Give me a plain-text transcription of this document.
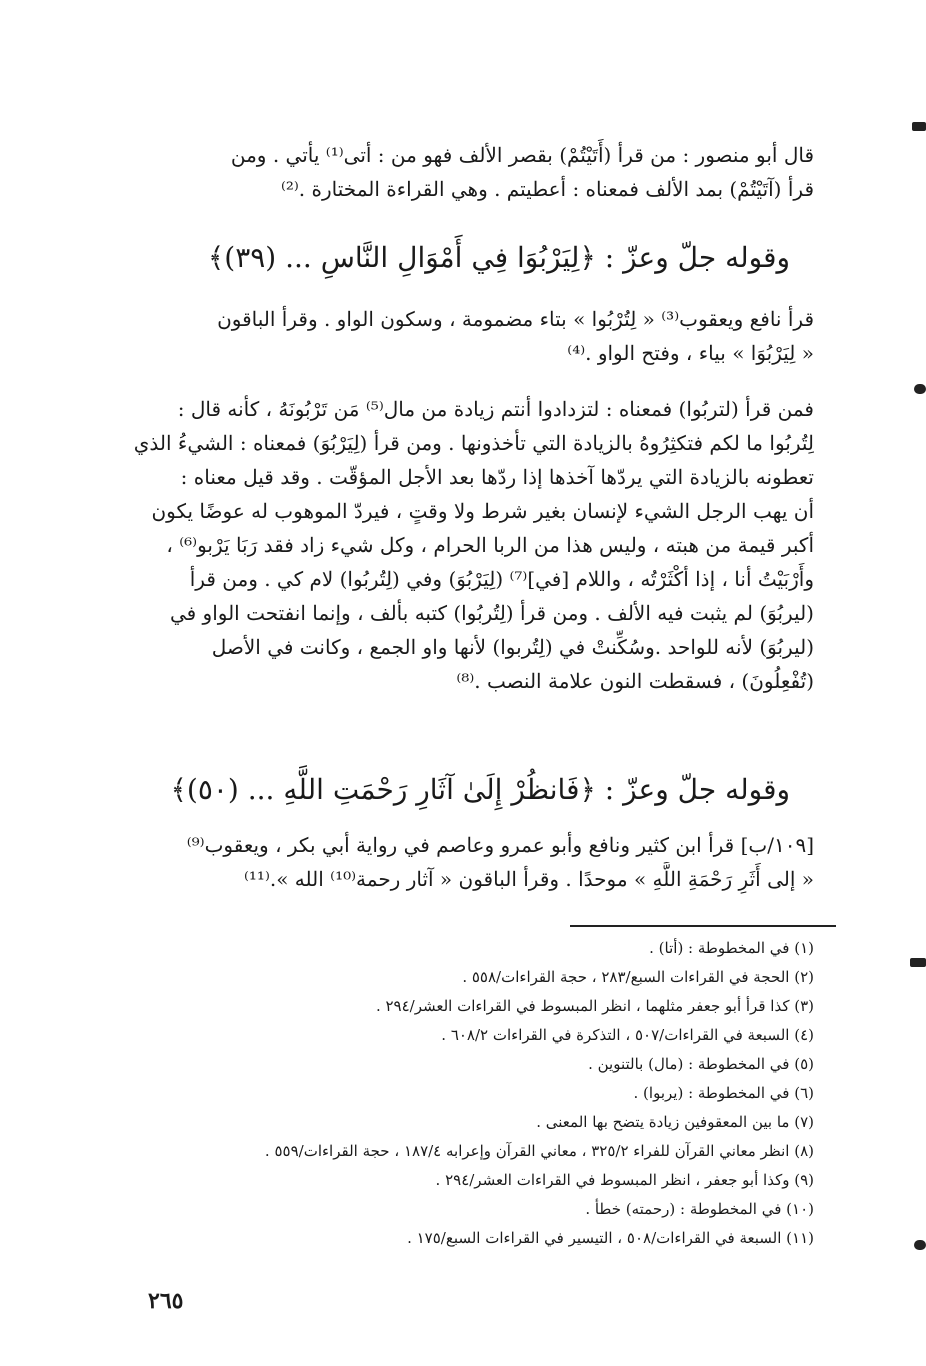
قال أبو منصور : من قرأ (أَتَيْتُمْ) بقصر الألف فهو من : أتى⁽¹⁾ يأتي . ومن
قرأ (آتَيْتُمْ) بمد الألف فمعناه : أعطيتم . وهي القراءة المختارة .⁽²⁾
وقوله جلّ وعزّ : ﴿لِيَرْبُوَا فِي أَمْوَالِ النَّاسِ ... (٣٩)﴾
قرأ نافع ويعقوب⁽³⁾ « لِتُرْبُوا » بتاء مضمومة ، وسكون الواو . وقرأ الباقون
« لِيَرْبُوَا » بياء ، وفتح الواو .⁽⁴⁾
فمن قرأ (لتربُوا) فمعناه : لتزدادوا أنتم زيادة من مال⁽⁵⁾ مَن تَرْبُونَهُ ، كأنه قال :
لِتُربُوا ما لكم فتكثِرُوهُ بالزيادة التي تأخذونها . ومن قرأ (لِيَرْبُوَ) فمعناه : الشيءُ الذي
تعطونه بالزيادة التي يردّها آخذها إذا ردّها بعد الأجل المؤقّت . وقد قيل معناه :
أن يهب الرجل الشيء لإنسان بغير شرط ولا وقتٍ ، فيردّ الموهوب له عوضًا يكون
أكبر قيمة من هبته ، وليس هذا من الربا الحرام ، وكل شيء زاد فقد رَبَا يَرْبو⁽⁶⁾ ،
وأَرْبَيْتُ أنا ، إذا أكْثَرْتُه ، واللام [في]⁽⁷⁾ (لِيَرْبُوَ) وفي (لِتُربُوا) لام كي . ومن قرأ
(ليربُوَ) لم يثبت فيه الألف . ومن قرأ (لِتُربُوا) كتبه بألف ، وإنما انفتحت الواو في
(ليربُوَ) لأنه للواحد .وسُكِّنتْ في (لِتُربوا) لأنها واو الجمع ، وكانت في الأصل
(تُفْعِلُونَ) ، فسقطت النون علامة النصب .⁽⁸⁾
وقوله جلّ وعزّ : ﴿فَانظُرْ إِلَىٰ آثَارِ رَحْمَتِ اللَّهِ ... (٥٠)﴾
[١٠٩/ب] قرأ ابن كثير ونافع وأبو عمرو وعاصم في رواية أبي بكر ، ويعقوب⁽⁹⁾
« إلى أَثَرِ رَحْمَةِ اللَّهِ » موحدًا . وقرأ الباقون « آثار رحمة⁽¹⁰⁾ الله ».⁽¹¹⁾
(١) في المخطوطة : (أتا) .
(٢) الحجة في القراءات السبع/٢٨٣ ، حجة القراءات/٥٥٨ .
(٣) كذا قرأ أبو جعفر مثلهما ، انظر المبسوط في القراءات العشر/٢٩٤ .
(٤) السبعة في القراءات/٥٠٧ ، التذكرة في القراءات ٦٠٨/٢ .
(٥) في المخطوطة : (مال) بالتنوين .
(٦) في المخطوطة : (يربوا) .
(٧) ما بين المعقوفين زيادة يتضح بها المعنى .
(٨) انظر معاني القرآن للفراء ٣٢٥/٢ ، معاني القرآن وإعرابه ١٨٧/٤ ، حجة القراءات/٥٥٩ .
(٩) وكذا أبو جعفر ، انظر المبسوط في القراءات العشر/٢٩٤ .
(١٠) في المخطوطة : (رحمته) خطأ .
(١١) السبعة في القراءات/٥٠٨ ، التيسير في القراءات السبع/١٧٥ .
٢٦٥
